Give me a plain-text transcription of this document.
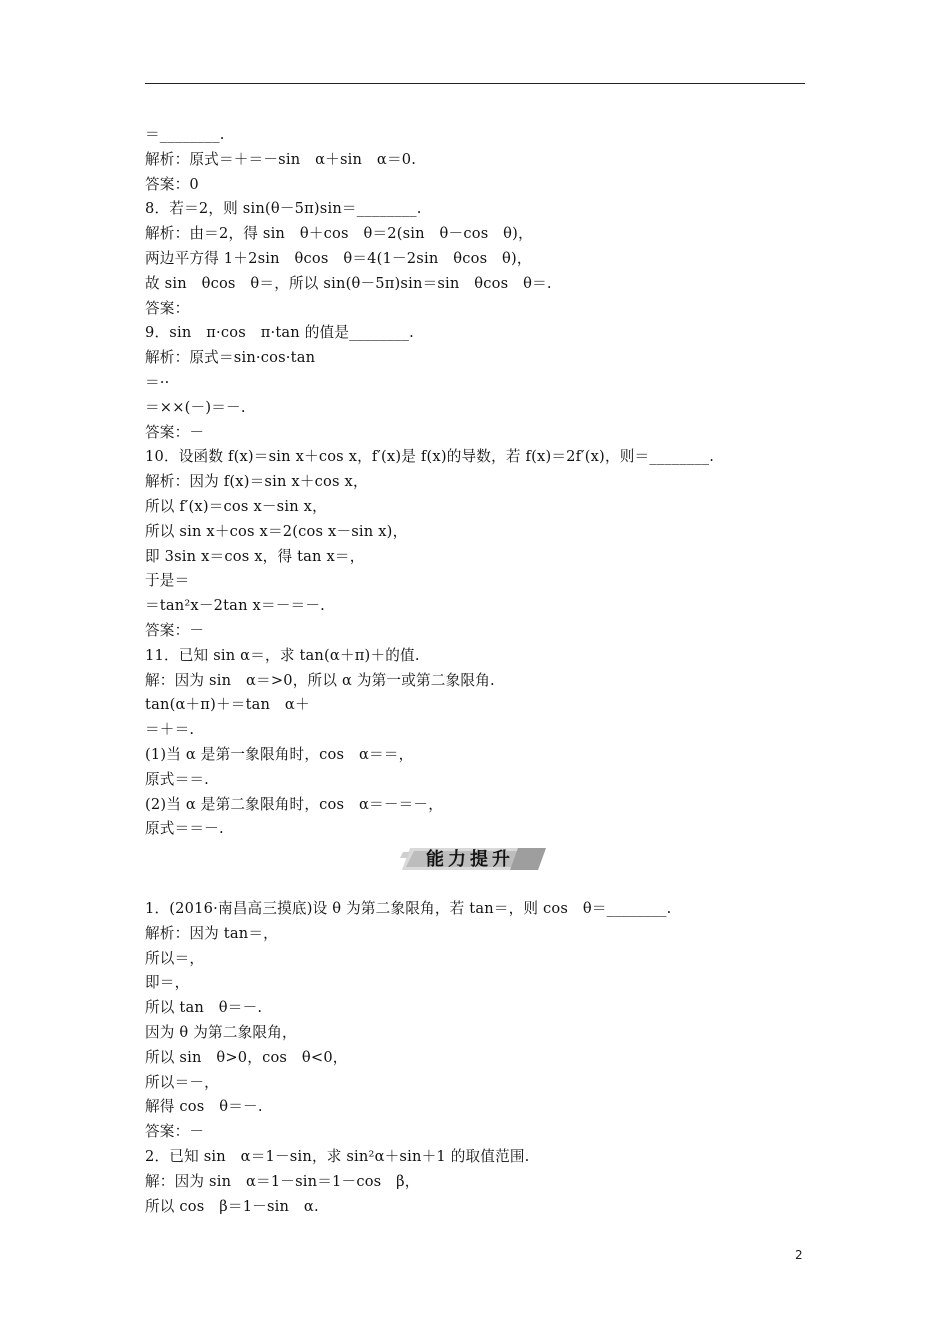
＝________.
解析：原式＝＋＝－sin　α＋sin　α＝0.
答案：0
8．若＝2，则 sin(θ－5π)sin＝________.
解析：由＝2，得 sin　θ＋cos　θ＝2(sin　θ－cos　θ)，
两边平方得 1＋2sin　θcos　θ＝4(1－2sin　θcos　θ)，
故 sin　θcos　θ＝，所以 sin(θ－5π)sin＝sin　θcos　θ＝.
答案：
9．sin　π·cos　π·tan 的值是________.
解析：原式＝sin·cos·tan
＝··
＝××(－)＝－.
答案：－
10．设函数 f(x)＝sin x＋cos x，f′(x)是 f(x)的导数，若 f(x)＝2f′(x)，则＝________.
解析：因为 f(x)＝sin x＋cos x，
所以 f′(x)＝cos x－sin x，
所以 sin x＋cos x＝2(cos x－sin x)，
即 3sin x＝cos x，得 tan x＝，
于是＝
＝tan²x－2tan x＝－＝－.
答案：－
11．已知 sin α＝，求 tan(α＋π)＋的值.
解：因为 sin　α＝>0，所以 α 为第一或第二象限角.
tan(α＋π)＋＝tan　α＋
＝＋＝.
(1)当 α 是第一象限角时，cos　α＝＝，
原式＝＝.
(2)当 α 是第二象限角时，cos　α＝－＝－，
原式＝＝－.
能力提升
1．(2016·南昌高三摸底)设 θ 为第二象限角，若 tan＝，则 cos　θ＝________.
解析：因为 tan＝，
所以＝，
即＝，
所以 tan　θ＝－.
因为 θ 为第二象限角，
所以 sin　θ>0，cos　θ<0，
所以＝－，
解得 cos　θ＝－.
答案：－
2．已知 sin　α＝1－sin，求 sin²α＋sin＋1 的取值范围.
解：因为 sin　α＝1－sin＝1－cos　β，
所以 cos　β＝1－sin　α.
2
